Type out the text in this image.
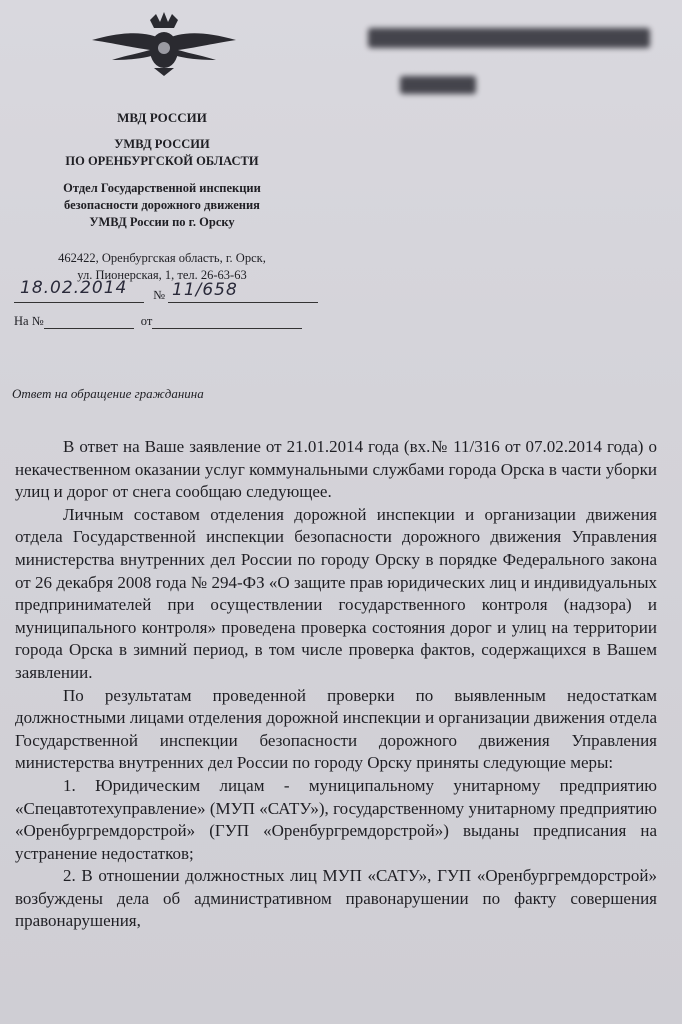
МВД РОССИИ
УМВД РОССИИ
ПО ОРЕНБУРГСКОЙ ОБЛАСТИ
Отдел Государственной инспекции
безопасности дорожного движения
УМВД России по г. Орску
462422, Оренбургская область, г. Орск,
ул. Пионерская, 1, тел. 26-63-63
№
18.02.2014	11/658
На №	от
Ответ на обращение гражданина

В ответ на Ваше заявление от 21.01.2014 года (вх.№ 11/316 от 07.02.2014 года) о некачественном оказании услуг коммунальными службами города Орска в части уборки улиц и дорог от снега сообщаю следующее.

Личным составом отделения дорожной инспекции и организации движения отдела Государственной инспекции безопасности дорожного движения Управления министерства внутренних дел России по городу Орску в порядке Федерального закона от 26 декабря 2008 года № 294-ФЗ «О защите прав юридических лиц и индивидуальных предпринимателей при осуществлении государственного контроля (надзора) и муниципального контроля» проведена проверка состояния дорог и улиц на территории города Орска в зимний период, в том числе проверка фактов, содержащихся в Вашем заявлении.

По результатам проведенной проверки по выявленным недостаткам должностными лицами отделения дорожной инспекции и организации движения отдела Государственной инспекции безопасности дорожного движения Управления министерства внутренних дел России по городу Орску приняты следующие меры:

1. Юридическим лицам - муниципальному унитарному предприятию «Спецавтотехуправление» (МУП «САТУ»), государственному унитарному предприятию «Оренбургремдорстрой» (ГУП «Оренбургремдорстрой») выданы предписания на устранение недостатков;

2. В отношении должностных лиц МУП «САТУ», ГУП «Оренбургремдорстрой» возбуждены дела об административном правонарушении по факту совершения правонарушения,
